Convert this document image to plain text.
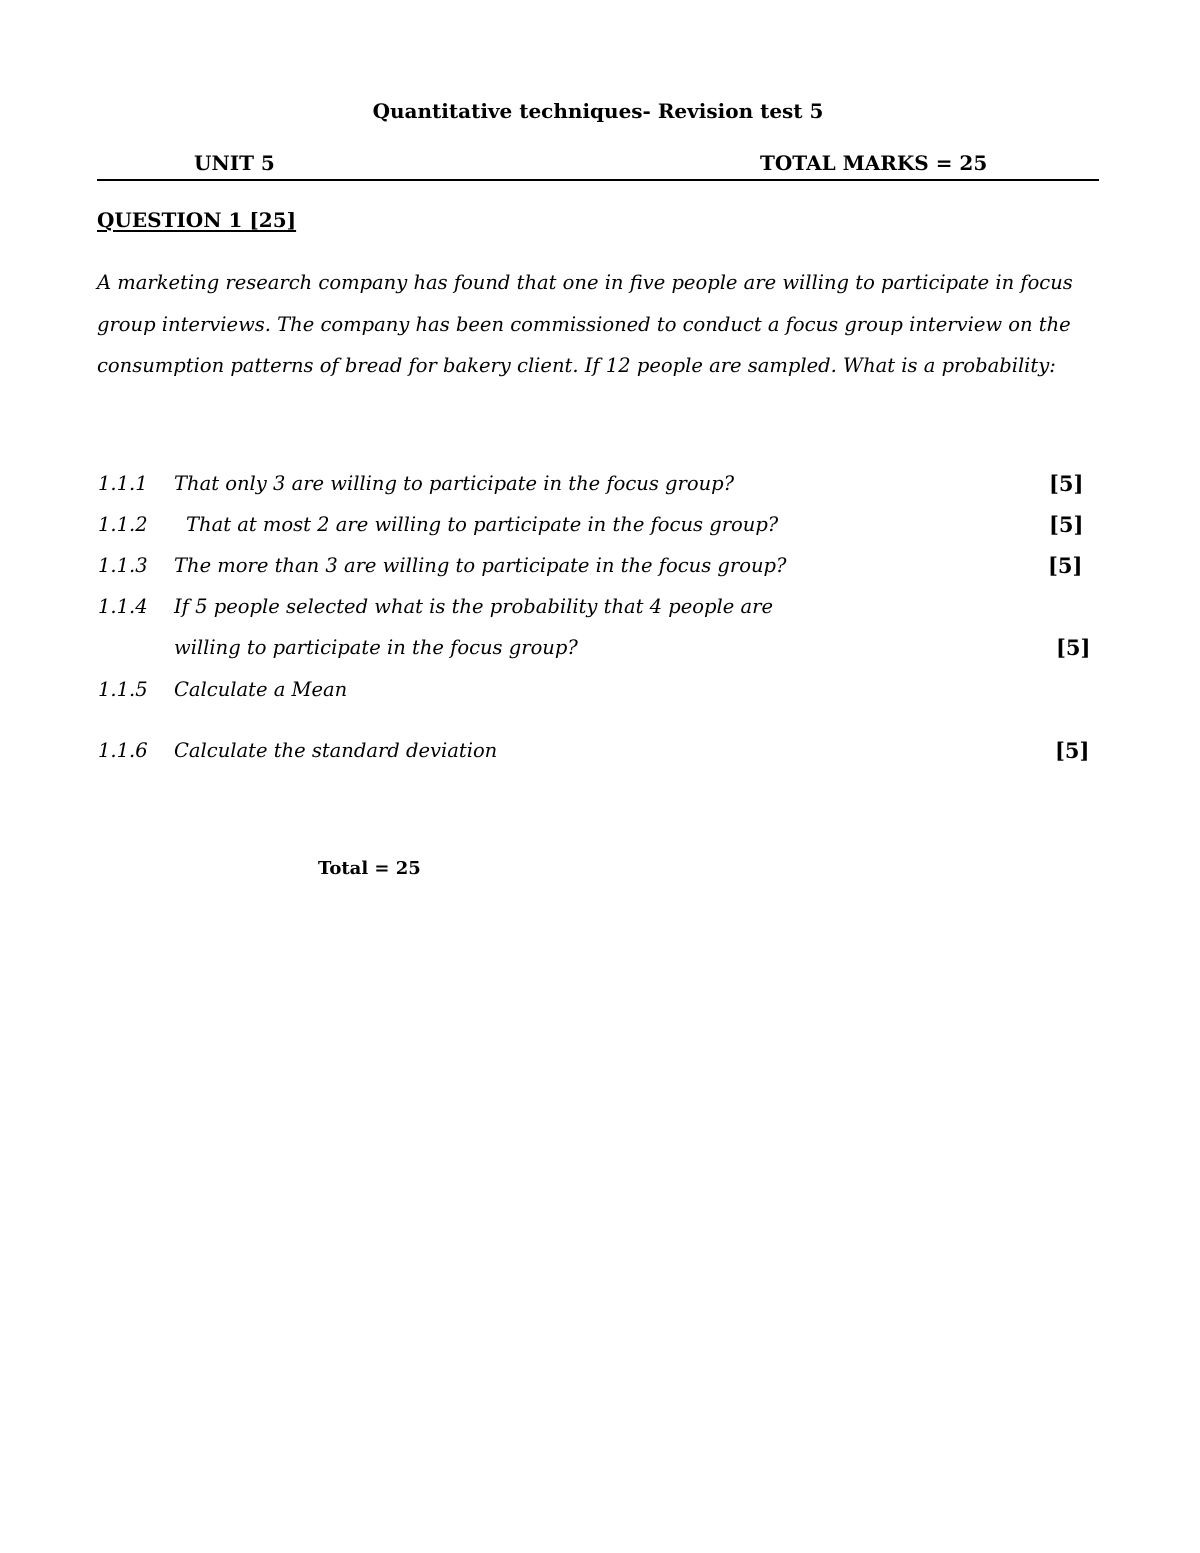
Quantitative techniques- Revision test 5
UNIT 5	TOTAL MARKS = 25
QUESTION 1 [25]
A marketing research company has found that one in five people are willing to participate in focus
group interviews. The company has been commissioned to conduct a focus group interview on the
consumption patterns of bread for bakery client. If 12 people are sampled. What is a probability:
1.1.1 That only 3 are willing to participate in the focus group?	[5]
1.1.2 That at most 2 are willing to participate in the focus group?	[5]
1.1.3 The more than 3 are willing to participate in the focus group?	[5]
1.1.4 If 5 people selected what is the probability that 4 people are
willing to participate in the focus group?	[5]
1.1.5 Calculate a Mean
1.1.6 Calculate the standard deviation	[5]
Total = 25
